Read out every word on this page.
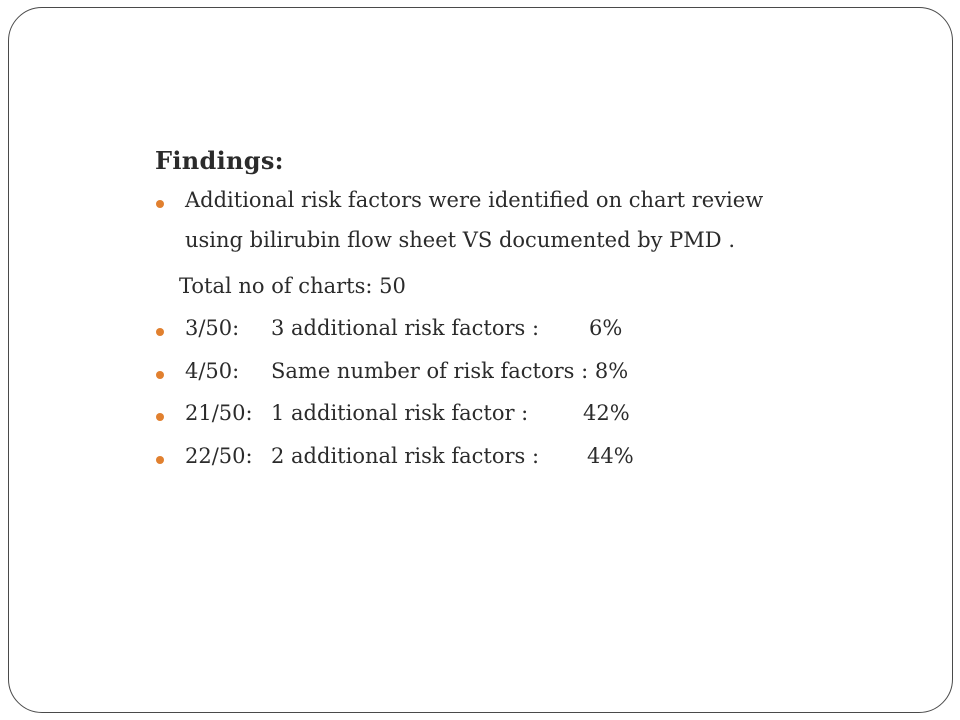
Findings:
Additional risk factors were identified on chart review
using bilirubin flow sheet VS documented by PMD .
Total no of charts: 50
3/50: 3 additional risk factors : 6%
4/50: Same number of risk factors : 8%
21/50: 1 additional risk factor :	42%
22/50: 2 additional risk factors : 44%
